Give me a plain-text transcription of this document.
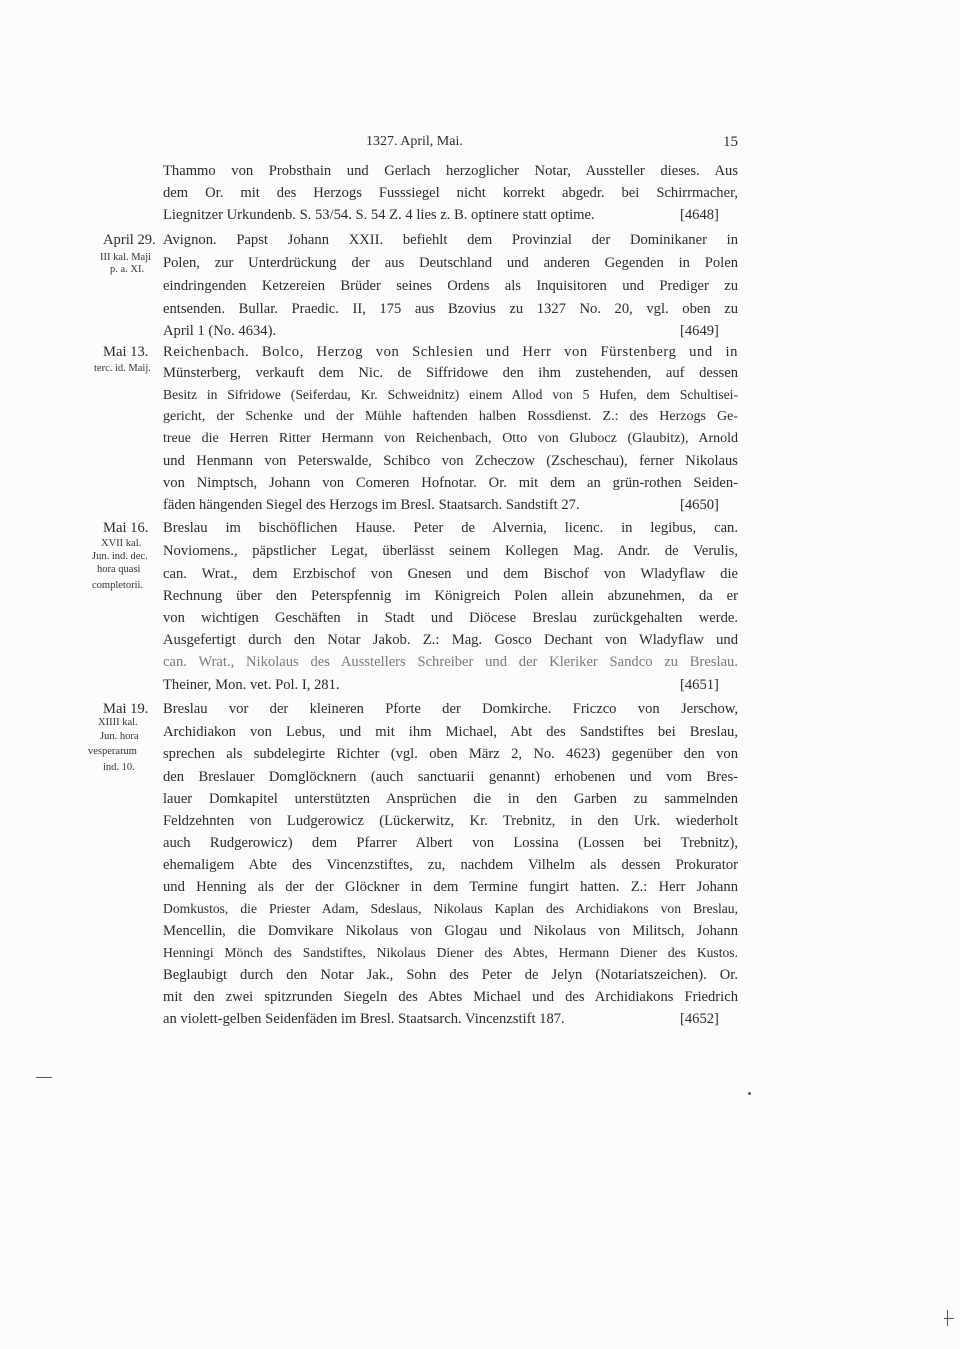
1327. April, Mai.	15
Thammo von Probsthain und Gerlach herzoglicher Notar, Aussteller dieses. Aus
dem Or. mit des Herzogs Fusssiegel nicht korrekt abgedr. bei Schirrmacher,
Liegnitzer Urkundenb. S. 53/54. S. 54 Z. 4 lies z. B. optinere statt optime.	[4648]
April 29.
III kal. Maji
p. a. XI.
Avignon. Papst Johann XXII. befiehlt dem Provinzial der Dominikaner in
Polen, zur Unterdrückung der aus Deutschland und anderen Gegenden in Polen
eindringenden Ketzereien Brüder seines Ordens als Inquisitoren und Prediger zu
entsenden. Bullar. Praedic. II, 175 aus Bzovius zu 1327 No. 20, vgl. oben zu
April 1 (No. 4634).	[4649]
Mai 13.
terc. id. Maij.
Reichenbach. Bolco, Herzog von Schlesien und Herr von Fürstenberg und in
Münsterberg, verkauft dem Nic. de Siffridowe den ihm zustehenden, auf dessen
Besitz in Sifridowe (Seiferdau, Kr. Schweidnitz) einem Allod von 5 Hufen, dem Schultisei-
gericht, der Schenke und der Mühle haftenden halben Rossdienst. Z.: des Herzogs Ge-
treue die Herren Ritter Hermann von Reichenbach, Otto von Glubocz (Glaubitz), Arnold
und Henmann von Peterswalde, Schibco von Zcheczow (Zscheschau), ferner Nikolaus
von Nimptsch, Johann von Comeren Hofnotar. Or. mit dem an grün-rothen Seiden-
fäden hängenden Siegel des Herzogs im Bresl. Staatsarch. Sandstift 27.	[4650]
Mai 16.
XVII kal.
Jun. ind. dec.
hora quasi
completorii.
Breslau im bischöflichen Hause. Peter de Alvernia, licenc. in legibus, can.
Noviomens., päpstlicher Legat, überlässt seinem Kollegen Mag. Andr. de Verulis,
can. Wrat., dem Erzbischof von Gnesen und dem Bischof von Wladyflaw die
Rechnung über den Peterspfennig im Königreich Polen allein abzunehmen, da er
von wichtigen Geschäften in Stadt und Diöcese Breslau zurückgehalten werde.
Ausgefertigt durch den Notar Jakob. Z.: Mag. Gosco Dechant von Wladyflaw und
can. Wrat., Nikolaus des Ausstellers Schreiber und der Kleriker Sandco zu Breslau.
Theiner, Mon. vet. Pol. I, 281.	[4651]
Mai 19.
XIIII kal.
Jun. hora
vesperarum
ind. 10.
Breslau vor der kleineren Pforte der Domkirche. Friczco von Jerschow,
Archidiakon von Lebus, und mit ihm Michael, Abt des Sandstiftes bei Breslau,
sprechen als subdelegirte Richter (vgl. oben März 2, No. 4623) gegenüber den von
den Breslauer Domglöcknern (auch sanctuarii genannt) erhobenen und vom Bres-
lauer Domkapitel unterstützten Ansprüchen die in den Garben zu sammelnden
Feldzehnten von Ludgerowicz (Lückerwitz, Kr. Trebnitz, in den Urk. wiederholt
auch Rudgerowicz) dem Pfarrer Albert von Lossina (Lossen bei Trebnitz),
ehemaligem Abte des Vincenzstiftes, zu, nachdem Vilhelm als dessen Prokurator
und Henning als der der Glöckner in dem Termine fungirt hatten. Z.: Herr Johann
Domkustos, die Priester Adam, Sdeslaus, Nikolaus Kaplan des Archidiakons von Breslau,
Mencellin, die Domvikare Nikolaus von Glogau und Nikolaus von Militsch, Johann
Henningi Mönch des Sandstiftes, Nikolaus Diener des Abtes, Hermann Diener des Kustos.
Beglaubigt durch den Notar Jak., Sohn des Peter de Jelyn (Notariatszeichen). Or.
mit den zwei spitzrunden Siegeln des Abtes Michael und des Archidiakons Friedrich
an violett-gelben Seidenfäden im Bresl. Staatsarch. Vincenzstift 187.	[4652]
